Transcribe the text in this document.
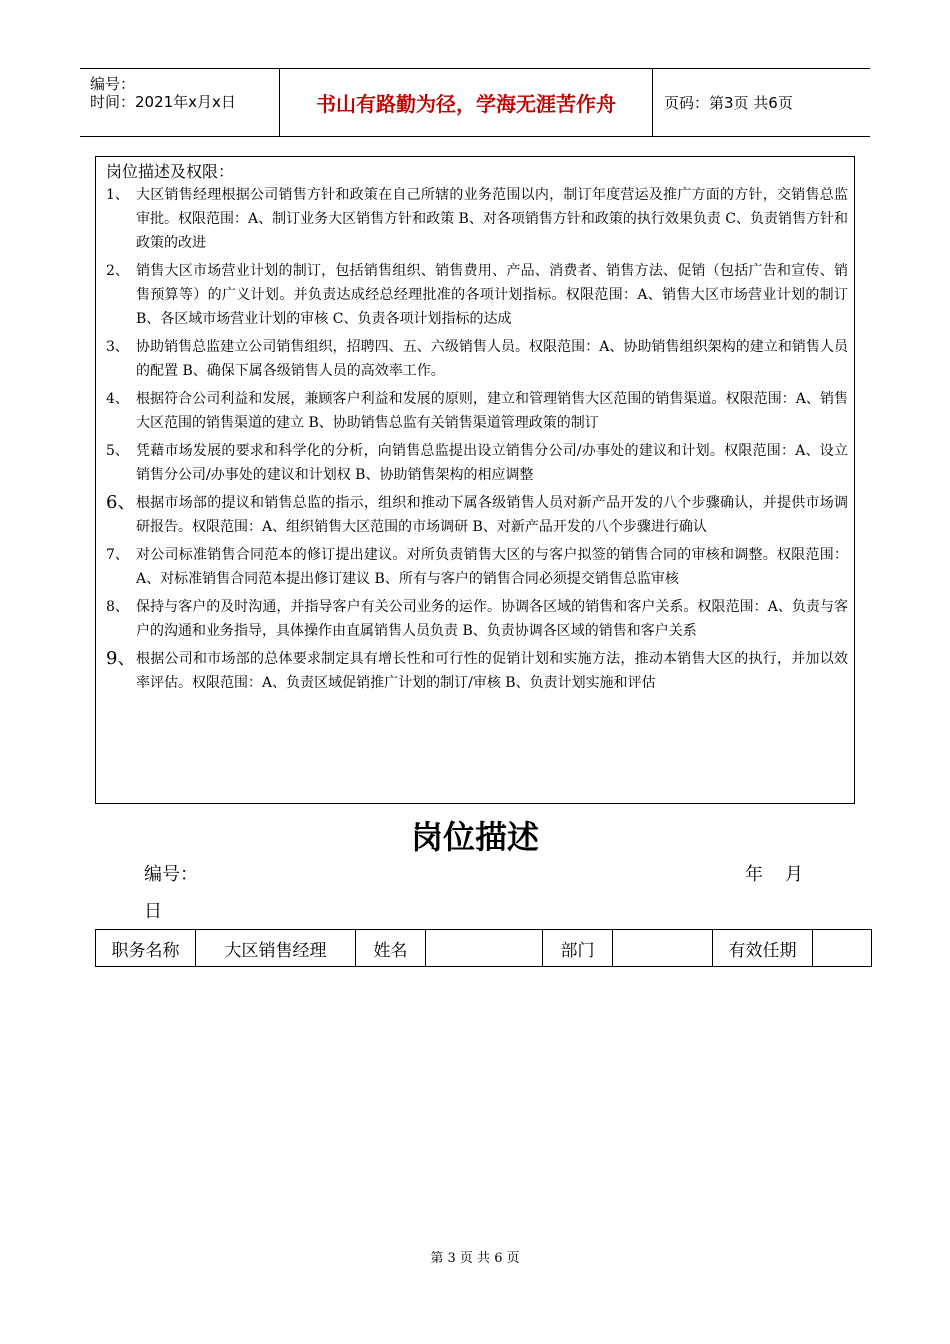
编号：
时间：2021年x月x日	书山有路勤为径，学海无涯苦作舟	页码：第3页 共6页
岗位描述及权限：
1、 大区销售经理根据公司销售方针和政策在自己所辖的业务范围以内，制订年度营运及推广方面的方针，交销售总监审批。权限范围：A、制订业务大区销售方针和政策 B、对各项销售方针和政策的执行效果负责 C、负责销售方针和政策的改进
2、 销售大区市场营业计划的制订，包括销售组织、销售费用、产品、消费者、销售方法、促销（包括广告和宣传、销售预算等）的广义计划。并负责达成经总经理批准的各项计划指标。权限范围：A、销售大区市场营业计划的制订 B、各区域市场营业计划的审核 C、负责各项计划指标的达成
3、 协助销售总监建立公司销售组织，招聘四、五、六级销售人员。权限范围：A、协助销售组织架构的建立和销售人员的配置 B、确保下属各级销售人员的高效率工作。
4、 根据符合公司利益和发展，兼顾客户利益和发展的原则，建立和管理销售大区范围的销售渠道。权限范围：A、销售大区范围的销售渠道的建立 B、协助销售总监有关销售渠道管理政策的制订
5、 凭藉市场发展的要求和科学化的分析，向销售总监提出设立销售分公司/办事处的建议和计划。权限范围：A、设立销售分公司/办事处的建议和计划权 B、协助销售架构的相应调整
6、 根据市场部的提议和销售总监的指示，组织和推动下属各级销售人员对新产品开发的八个步骤确认，并提供市场调研报告。权限范围：A、组织销售大区范围的市场调研 B、对新产品开发的八个步骤进行确认
7、 对公司标准销售合同范本的修订提出建议。对所负责销售大区的与客户拟签的销售合同的审核和调整。权限范围：A、对标准销售合同范本提出修订建议 B、所有与客户的销售合同必须提交销售总监审核
8、 保持与客户的及时沟通，并指导客户有关公司业务的运作。协调各区域的销售和客户关系。权限范围：A、负责与客户的沟通和业务指导，具体操作由直属销售人员负责 B、负责协调各区域的销售和客户关系
9、 根据公司和市场部的总体要求制定具有增长性和可行性的促销计划和实施方法，推动本销售大区的执行，并加以效率评估。权限范围：A、负责区域促销推广计划的制订/审核 B、负责计划实施和评估
岗位描述
编号：	年 月
日
职务名称	大区销售经理	姓名		部门		有效任期	
第 3 页 共 6 页
